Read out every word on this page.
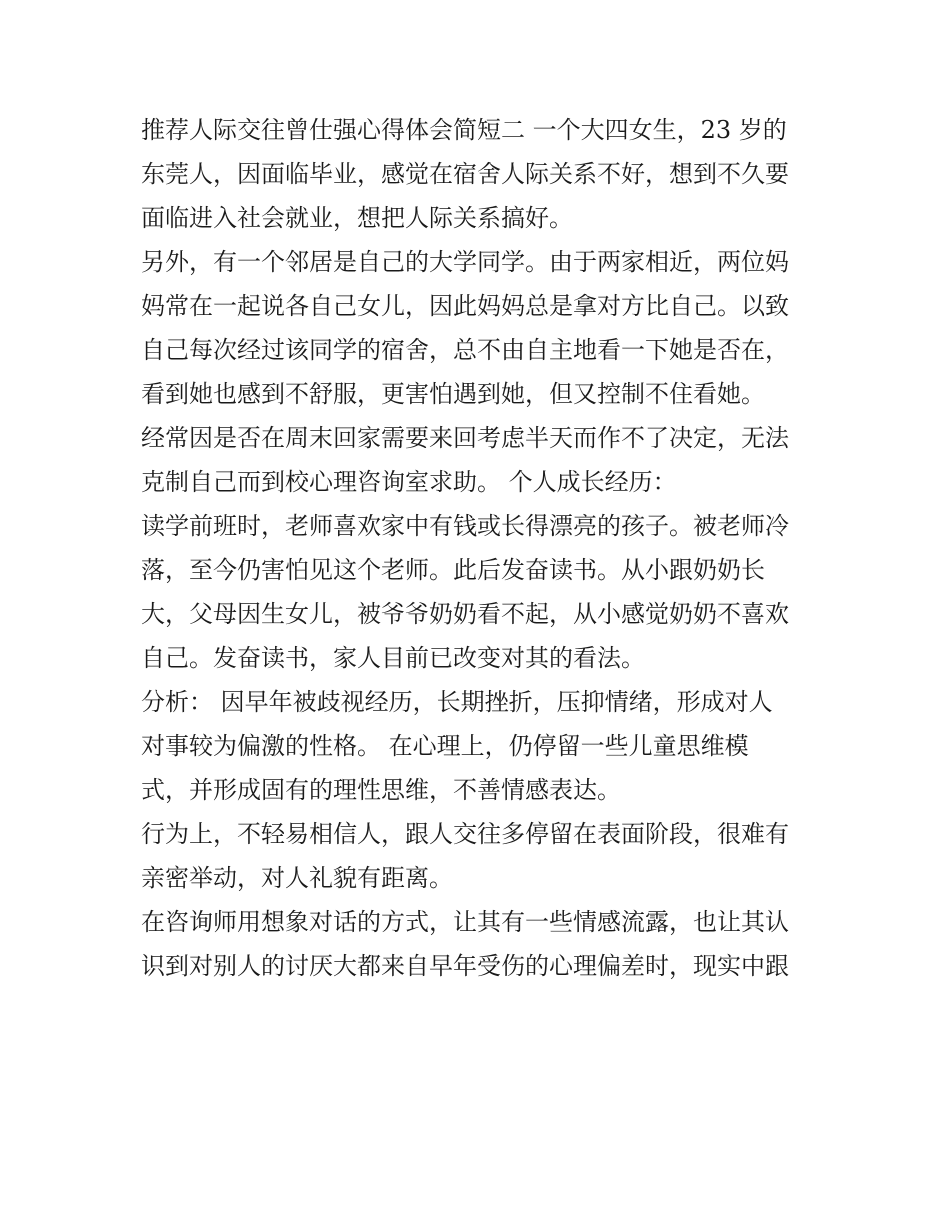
推荐人际交往曾仕强心得体会简短二 一个大四女生，23 岁的
东莞人，因面临毕业，感觉在宿舍人际关系不好，想到不久要
面临进入社会就业，想把人际关系搞好。
另外，有一个邻居是自己的大学同学。由于两家相近，两位妈
妈常在一起说各自己女儿，因此妈妈总是拿对方比自己。以致
自己每次经过该同学的宿舍，总不由自主地看一下她是否在，
看到她也感到不舒服，更害怕遇到她，但又控制不住看她。
经常因是否在周末回家需要来回考虑半天而作不了决定，无法
克制自己而到校心理咨询室求助。 个人成长经历：
读学前班时，老师喜欢家中有钱或长得漂亮的孩子。被老师冷
落，至今仍害怕见这个老师。此后发奋读书。从小跟奶奶长
大，父母因生女儿，被爷爷奶奶看不起，从小感觉奶奶不喜欢
自己。发奋读书，家人目前已改变对其的看法。
分析： 因早年被歧视经历，长期挫折，压抑情绪，形成对人
对事较为偏激的性格。 在心理上，仍停留一些儿童思维模
式，并形成固有的理性思维，不善情感表达。
行为上，不轻易相信人，跟人交往多停留在表面阶段，很难有
亲密举动，对人礼貌有距离。
在咨询师用想象对话的方式，让其有一些情感流露，也让其认
识到对别人的讨厌大都来自早年受伤的心理偏差时，现实中跟
